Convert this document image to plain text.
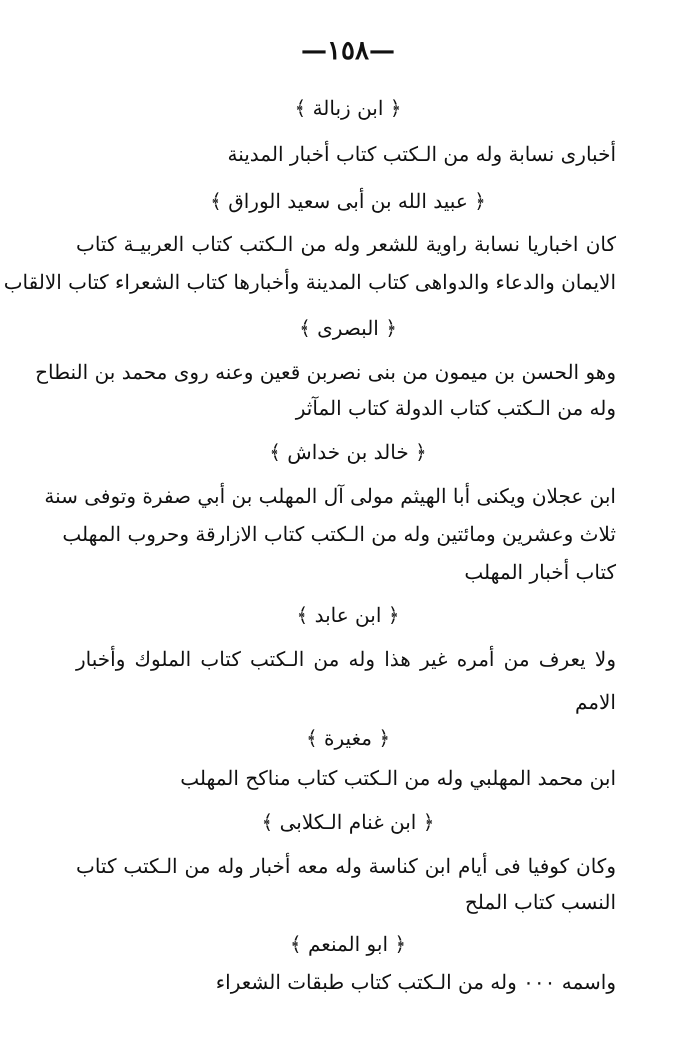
—١٥٨—
﴿ ابن زبالة ﴾
أخبارى نسابة وله من الـكتب كتاب أخبار المدينة
﴿ عبيد الله بن أبى سعيد الوراق ﴾
كان اخباريا نسابة راوية للشعر وله من الـكتب كتاب العربيـة كتاب
الايمان والدعاء والدواهى كتاب المدينة وأخبارها كتاب الشعراء كتاب الالقاب
﴿ البصرى ﴾
وهو الحسن بن ميمون من بنى نصربن قعين وعنه روى محمد بن النطاح
وله من الـكتب كتاب الدولة كتاب المآثر
﴿ خالد بن خداش ﴾
ابن عجلان ويكنى أبا الهيثم مولى آل المهلب بن أبي صفرة وتوفى سنة
ثلاث وعشرين ومائتين وله من الـكتب كتاب الازارقة وحروب المهلب
كتاب أخبار المهلب
﴿ ابن عابد ﴾
ولا يعرف من أمره غير هذا وله من الـكتب كتاب الملوك وأخبار
الامم
﴿ مغيرة ﴾
ابن محمد المهلبي وله من الـكتب كتاب مناكح المهلب
﴿ ابن غنام الـكلابى ﴾
وكان كوفيا فى أيام ابن كناسة وله معه أخبار وله من الـكتب كتاب
النسب كتاب الملح
﴿ ابو المنعم ﴾
واسمه ٠٠٠ وله من الـكتب كتاب طبقات الشعراء
